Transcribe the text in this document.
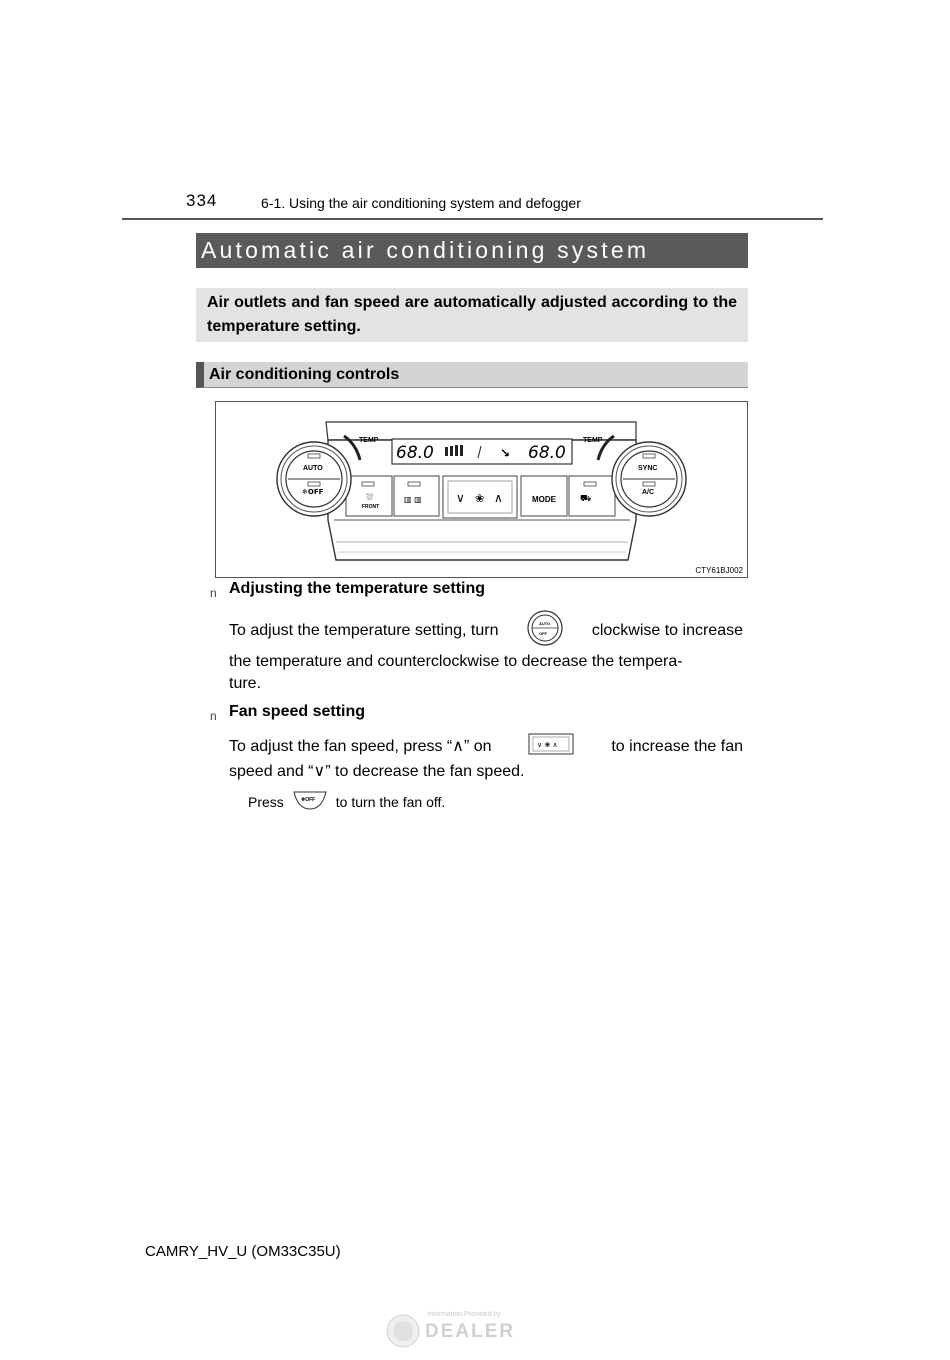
334	6-1. Using the air conditioning system and defogger
Automatic air conditioning system
Air outlets and fan speed are automatically adjusted according to the temperature setting.
Air conditioning controls
68.0	68.0
↘
TEMP	TEMP
⛆
FRONT
▥ ▥	∨ ❀ ∧	MODE	⛟
AUTO
❄OFF
SYNC
A/C
CTY61BJ002
n Adjusting the temperature setting
To adjust the temperature setting, turn	AUTO
OFF	clockwise to increase
the temperature and counterclockwise to decrease the tempera-
ture.
n Fan speed setting
To adjust the fan speed, press “∧” on	∨ ❀ ∧	to increase the fan
speed and “∨” to decrease the fan speed.
Press	❄OFF to turn the fan off.
CAMRY_HV_U (OM33C35U)
Information Provided by
DEALER
